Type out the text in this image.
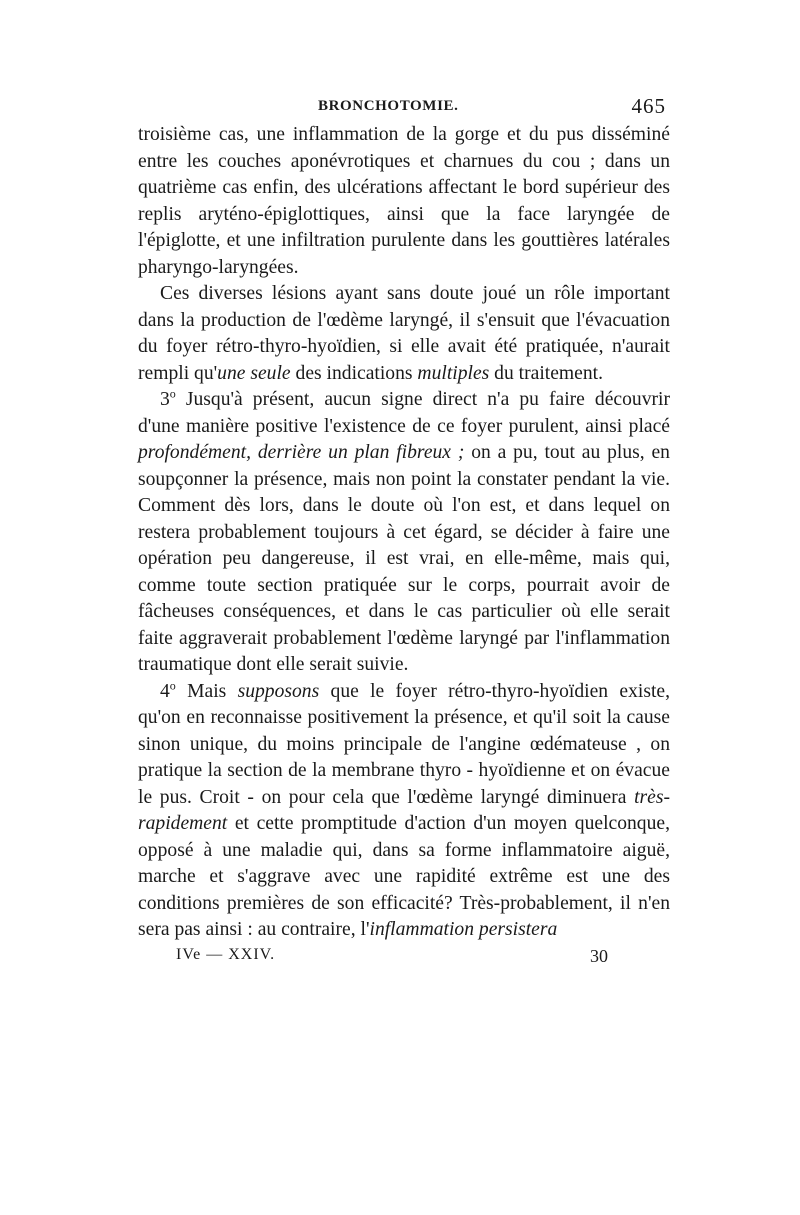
BRONCHOTOMIE.	465

troisième cas, une inflammation de la gorge et du pus disséminé entre les couches aponévrotiques et charnues du cou ; dans un quatrième cas enfin, des ulcérations affectant le bord supérieur des replis aryténo-épiglottiques, ainsi que la face laryngée de l'épiglotte, et une infiltration purulente dans les gouttières latérales pharyngo-laryngées.

Ces diverses lésions ayant sans doute joué un rôle important dans la production de l'œdème laryngé, il s'ensuit que l'évacuation du foyer rétro-thyro-hyoïdien, si elle avait été pratiquée, n'aurait rempli qu'une seule des indications multiples du traitement.

3$^o$ Jusqu'à présent, aucun signe direct n'a pu faire découvrir d'une manière positive l'existence de ce foyer purulent, ainsi placé profondément, derrière un plan fibreux ; on a pu, tout au plus, en soupçonner la présence, mais non point la constater pendant la vie. Comment dès lors, dans le doute où l'on est, et dans lequel on restera probablement toujours à cet égard, se décider à faire une opération peu dangereuse, il est vrai, en elle-même, mais qui, comme toute section pratiquée sur le corps, pourrait avoir de fâcheuses conséquences, et dans le cas particulier où elle serait faite aggraverait probablement l'œdème laryngé par l'inflammation traumatique dont elle serait suivie.

4$^o$ Mais supposons que le foyer rétro-thyro-hyoïdien existe, qu'on en reconnaisse positivement la présence, et qu'il soit la cause sinon unique, du moins principale de l'angine œdémateuse , on pratique la section de la membrane thyro - hyoïdienne et on évacue le pus. Croit - on pour cela que l'œdème laryngé diminuera très-rapidement et cette promptitude d'action d'un moyen quelconque, opposé à une maladie qui, dans sa forme inflammatoire aiguë, marche et s'aggrave avec une rapidité extrême est une des conditions premières de son efficacité? Très-probablement, il n'en sera pas ainsi : au contraire, l'inflammation persistera

IVe — XXIV.	30
